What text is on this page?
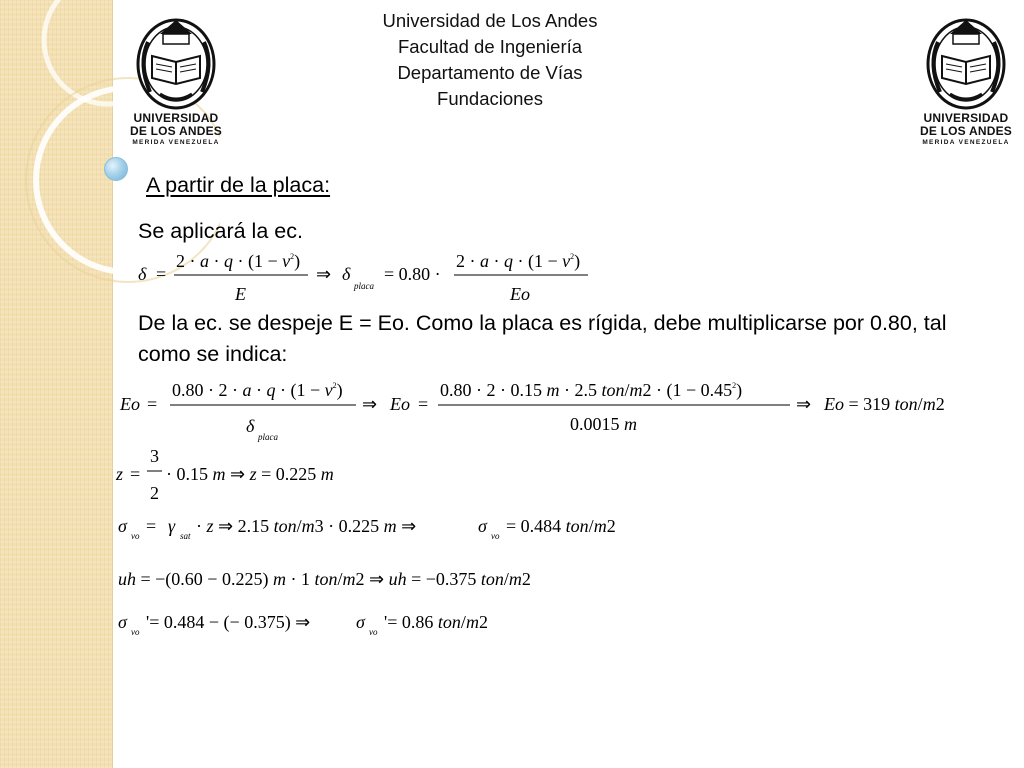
Universidad de Los Andes
Facultad de Ingeniería
Departamento de Vías
Fundaciones
UNIVERSIDAD
DE LOS ANDES
MERIDA VENEZUELA
UNIVERSIDAD
DE LOS ANDES
MERIDA VENEZUELA
A partir de la placa:
Se aplicará la ec.
De la ec. se despeje E = Eo. Como la placa es rígida, debe multiplicarse por 0.80, tal como se indica:
δ =
$2 \cdot a \cdot q \cdot (1 - \nu^2)$
E
⇒ δ
placa
= 0.80 ·
$2 \cdot a \cdot q \cdot (1 - \nu^2)$
Eo
Eo =
$0.80 \cdot 2 \cdot a \cdot q \cdot (1 - \nu^2)$
δ
placa
⇒ Eo =
0.80 · 2 · 0.15 m · 2.5 $ton/m2 \cdot (1 - 0.45^2)$
0.0015 m
⇒ Eo = 319 ton/m2
z =
3
2
· 0.15 m ⇒ z = 0.225 m
σ vo = γ sat · z ⇒ 2.15 ton/m3 · 0.225 m ⇒	σ vo = 0.484 ton/m2
uh = −(0.60 − 0.225) m · 1 ton/m2 ⇒ uh = −0.375 ton/m2
σ vo '= 0.484 − (− 0.375) ⇒	σ vo '= 0.86 ton/m2
